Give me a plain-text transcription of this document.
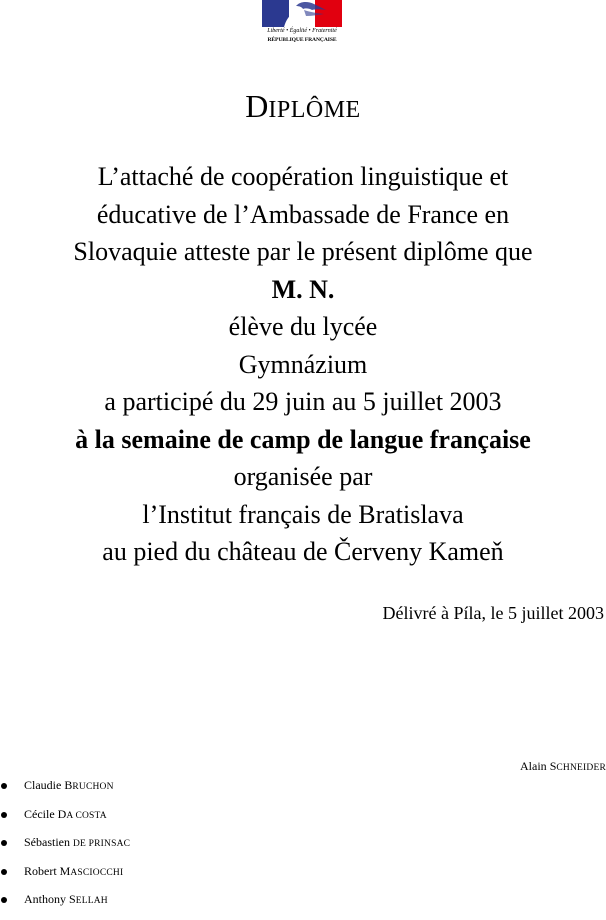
Liberté • Égalité • Fraternité
RÉPUBLIQUE FRANÇAISE
DIPLÔME
L’attaché de coopération linguistique et
éducative de l’Ambassade de France en
Slovaquie atteste par le présent diplôme que
M. N.
élève du lycée
Gymnázium
a participé du 29 juin au 5 juillet 2003
à la semaine de camp de langue française
organisée par
l’Institut français de Bratislava
au pied du château de Červeny Kameň
Délivré à Píla, le 5 juillet 2003
Alain SCHNEIDER
Claudie BRUCHON
Cécile DA COSTA
Sébastien DE PRINSAC
Robert MASCIOCCHI
Anthony SELLAH
